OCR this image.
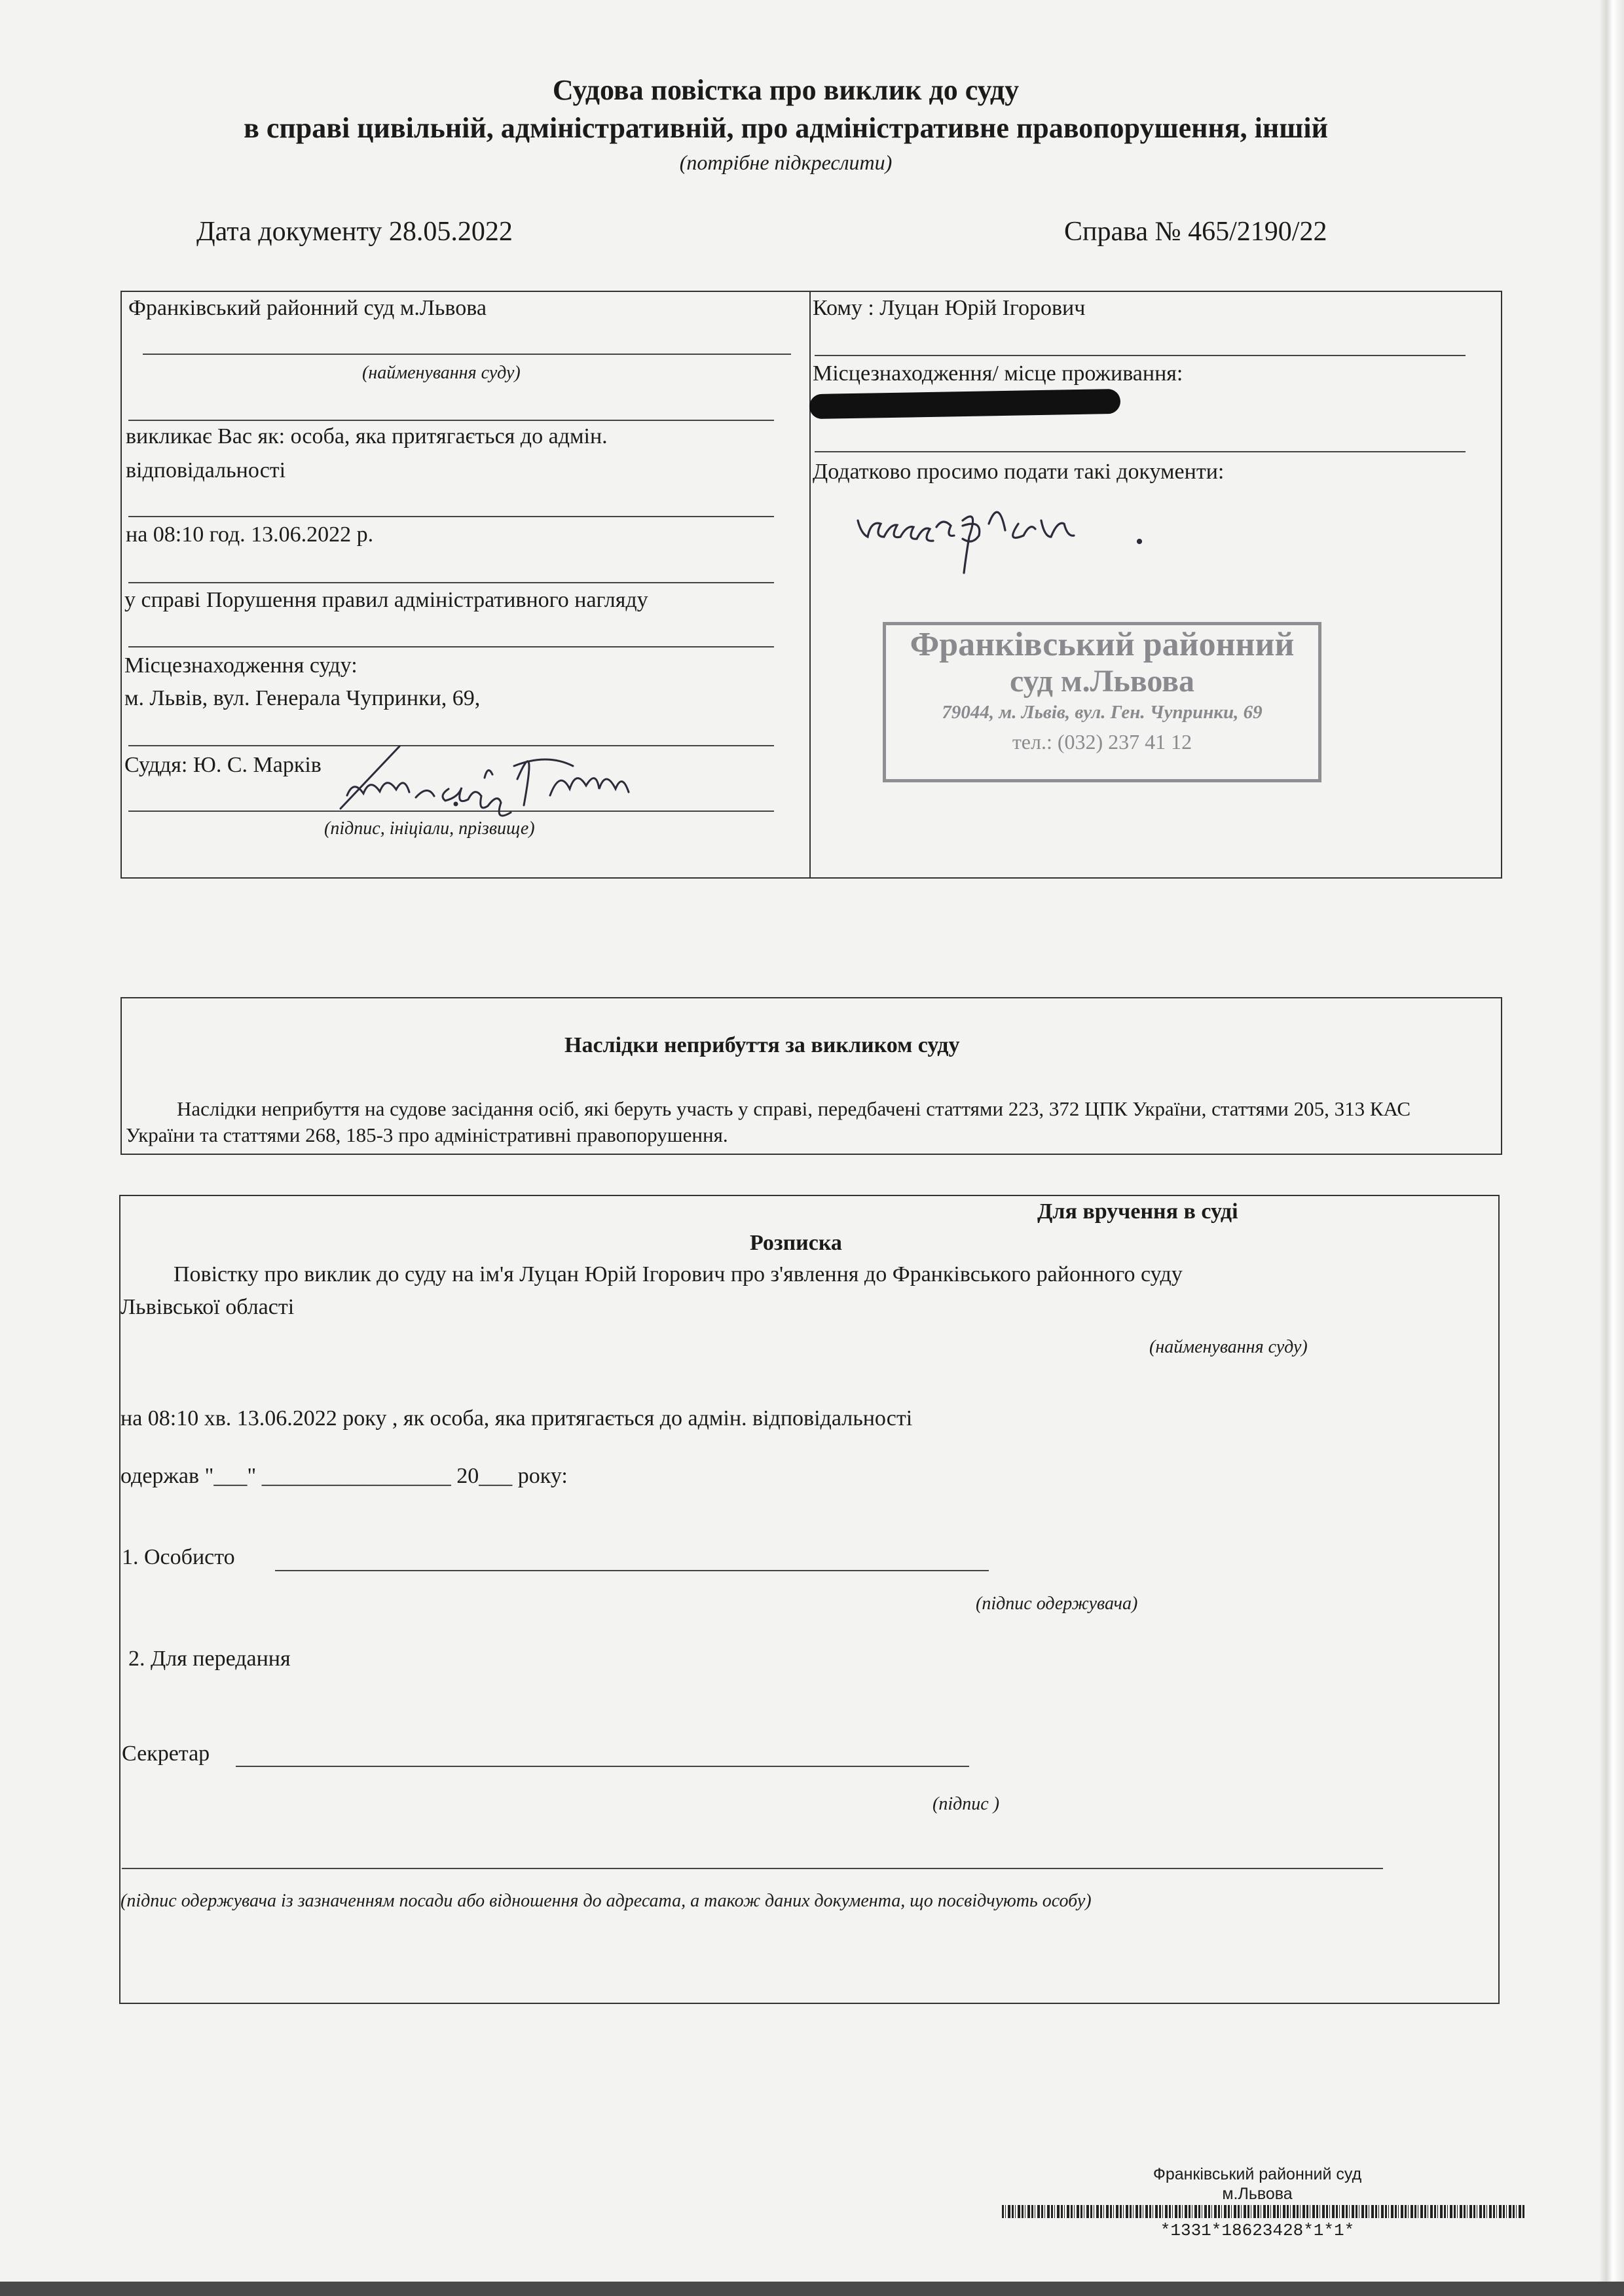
Судова повістка про виклик до суду
в справі цивільній, адміністративній, про адміністративне правопорушення, іншій
(потрібне підкреслити)
Дата документу 28.05.2022	Справа № 465/2190/22
Франківський районний суд м.Львова
(найменування суду)
викликає Вас як: особа, яка притягається до адмін.
відповідальності
на 08:10 год. 13.06.2022 р.
у справі Порушення правил адміністративного нагляду
Місцезнаходження суду:
м. Львів, вул. Генерала Чупринки, 69,
Суддя: Ю. С. Марків
(підпис, ініціали, прізвище)
Кому : Луцан Юрій Ігорович
Місцезнаходження/ місце проживання:
Додатково просимо подати такі документи:
Франківський районний
суд м.Львова
79044, м. Львів, вул. Ген. Чупринки, 69
тел.: (032) 237 41 12
Наслідки неприбуття за викликом суду
Наслідки неприбуття на судове засідання осіб, які беруть участь у справі, передбачені статтями 223, 372 ЦПК України, статтями 205, 313 КАС України та статтями 268, 185-3 про адміністративні правопорушення.
Для вручення в суді
Розписка
Повістку про виклик до суду на ім'я Луцан Юрій Ігорович про з'явлення до Франківського районного суду
Львівської області
(найменування суду)
на 08:10 хв. 13.06.2022 року , як особа, яка притягається до адмін. відповідальності
одержав "___" _________________ 20___ року:
1. Особисто
(підпис одержувача)
2. Для передання
Секретар
(підпис )
(підпис одержувача із зазначенням посади або відношення до адресата, а також даних документа, що посвідчують особу)
Франківський районний суд
м.Львова
*1331*18623428*1*1*
